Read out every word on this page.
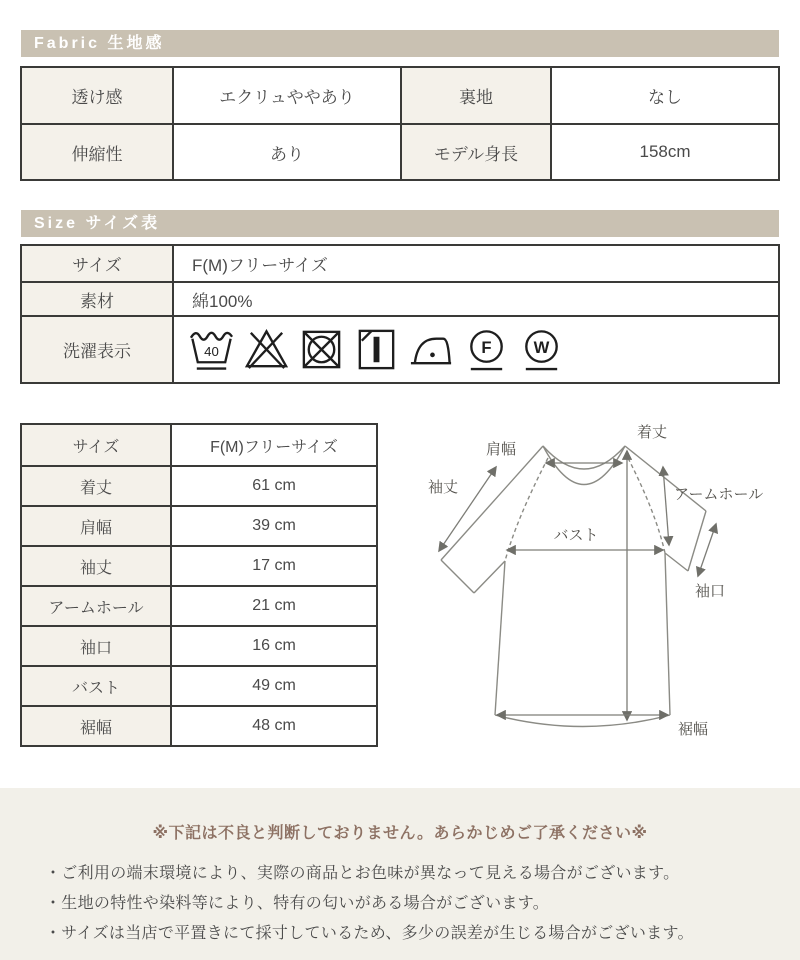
Fabric 生地感
透け感	エクリュややあり	裏地	なし
伸縮性	あり	モデル身長	158cm
Size サイズ表
サイズ	F(M)フリーサイズ
素材	綿100%
洗濯表示	40	F W
サイズ	F(M)フリーサイズ
着丈	61 cm
肩幅	39 cm
袖丈	17 cm
アームホール	21 cm
袖口	16 cm
バスト	49 cm
裾幅	48 cm
肩幅
着丈
袖丈	アームホール
バスト
袖口
裾幅
※下記は不良と判断しておりません。あらかじめご了承ください※
・ご利用の端末環境により、実際の商品とお色味が異なって見える場合がございます。
・生地の特性や染料等により、特有の匂いがある場合がございます。
・サイズは当店で平置きにて採寸しているため、多少の誤差が生じる場合がございます。
